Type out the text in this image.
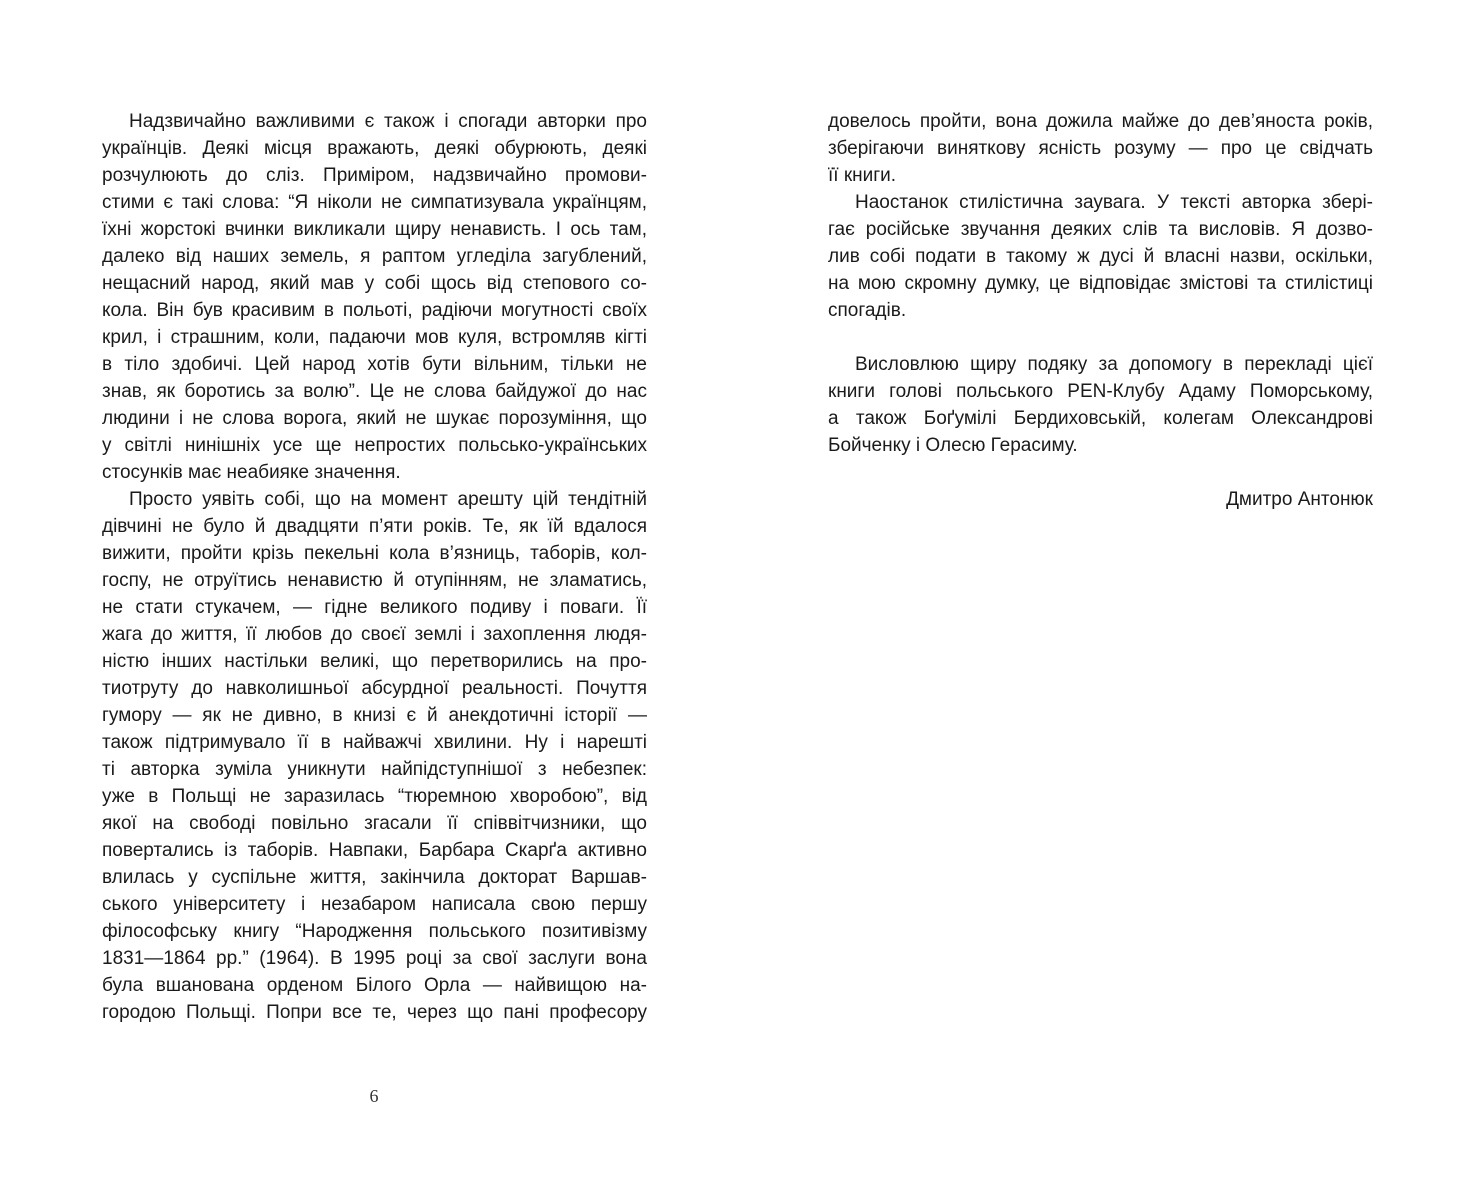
Надзвичайно важливими є також і спогади авторки про
українців. Деякі місця вражають, деякі обурюють, деякі
розчулюють до сліз. Приміром, надзвичайно промови-
стими є такі слова: “Я ніколи не симпатизувала українцям,
їхні жорстокі вчинки викликали щиру ненависть. І ось там,
далеко від наших земель, я раптом угледіла загублений,
нещасний народ, який мав у собі щось від степового со-
кола. Він був красивим в польоті, радіючи могутності своїх
крил, і страшним, коли, падаючи мов куля, встромляв кігті
в тіло здобичі. Цей народ хотів бути вільним, тільки не
знав, як боротись за волю”. Це не слова байдужої до нас
людини і не слова ворога, який не шукає порозуміння, що
у світлі нинішніх усе ще непростих польсько-українських
стосунків має неабияке значення.
Просто уявіть собі, що на момент арешту цій тендітній
дівчині не було й двадцяти п’яти років. Те, як їй вдалося
вижити, пройти крізь пекельні кола в’язниць, таборів, кол-
госпу, не отруїтись ненавистю й отупінням, не зламатись,
не стати стукачем, — гідне великого подиву і поваги. Її
жага до життя, її любов до своєї землі і захоплення людя-
ністю інших настільки великі, що перетворились на про-
тиотруту до навколишньої абсурдної реальності. Почуття
гумору — як не дивно, в книзі є й анекдотичні історії —
також підтримувало її в найважчі хвилини. Ну і нарешті
ті авторка зуміла уникнути найпідступнішої з небезпек:
уже в Польщі не заразилась “тюремною хворобою”, від
якої на свободі повільно згасали її співвітчизники, що
повертались із таборів. Навпаки, Барбара Скарґа активно
влилась у суспільне життя, закінчила докторат Варшав-
ського університету і незабаром написала свою першу
філософську книгу “Народження польського позитивізму
1831—1864 рр.” (1964). В 1995 році за свої заслуги вона
була вшанована орденом Білого Орла — найвищою на-
городою Польщі. Попри все те, через що пані професору
6
довелось пройти, вона дожила майже до дев’яноста років,
зберігаючи виняткову ясність розуму — про це свідчать
її книги.
Наостанок стилістична заувага. У тексті авторка збері-
гає російське звучання деяких слів та висловів. Я дозво-
лив собі подати в такому ж дусі й власні назви, оскільки,
на мою скромну думку, це відповідає змістові та стилістиці
спогадів.
Висловлюю щиру подяку за допомогу в перекладі цієї
книги голові польського PEN-Клубу Адаму Поморському,
а також Боґумілі Бердиховській, колегам Олександрові
Бойченку і Олесю Герасиму.
Дмитро Антонюк
